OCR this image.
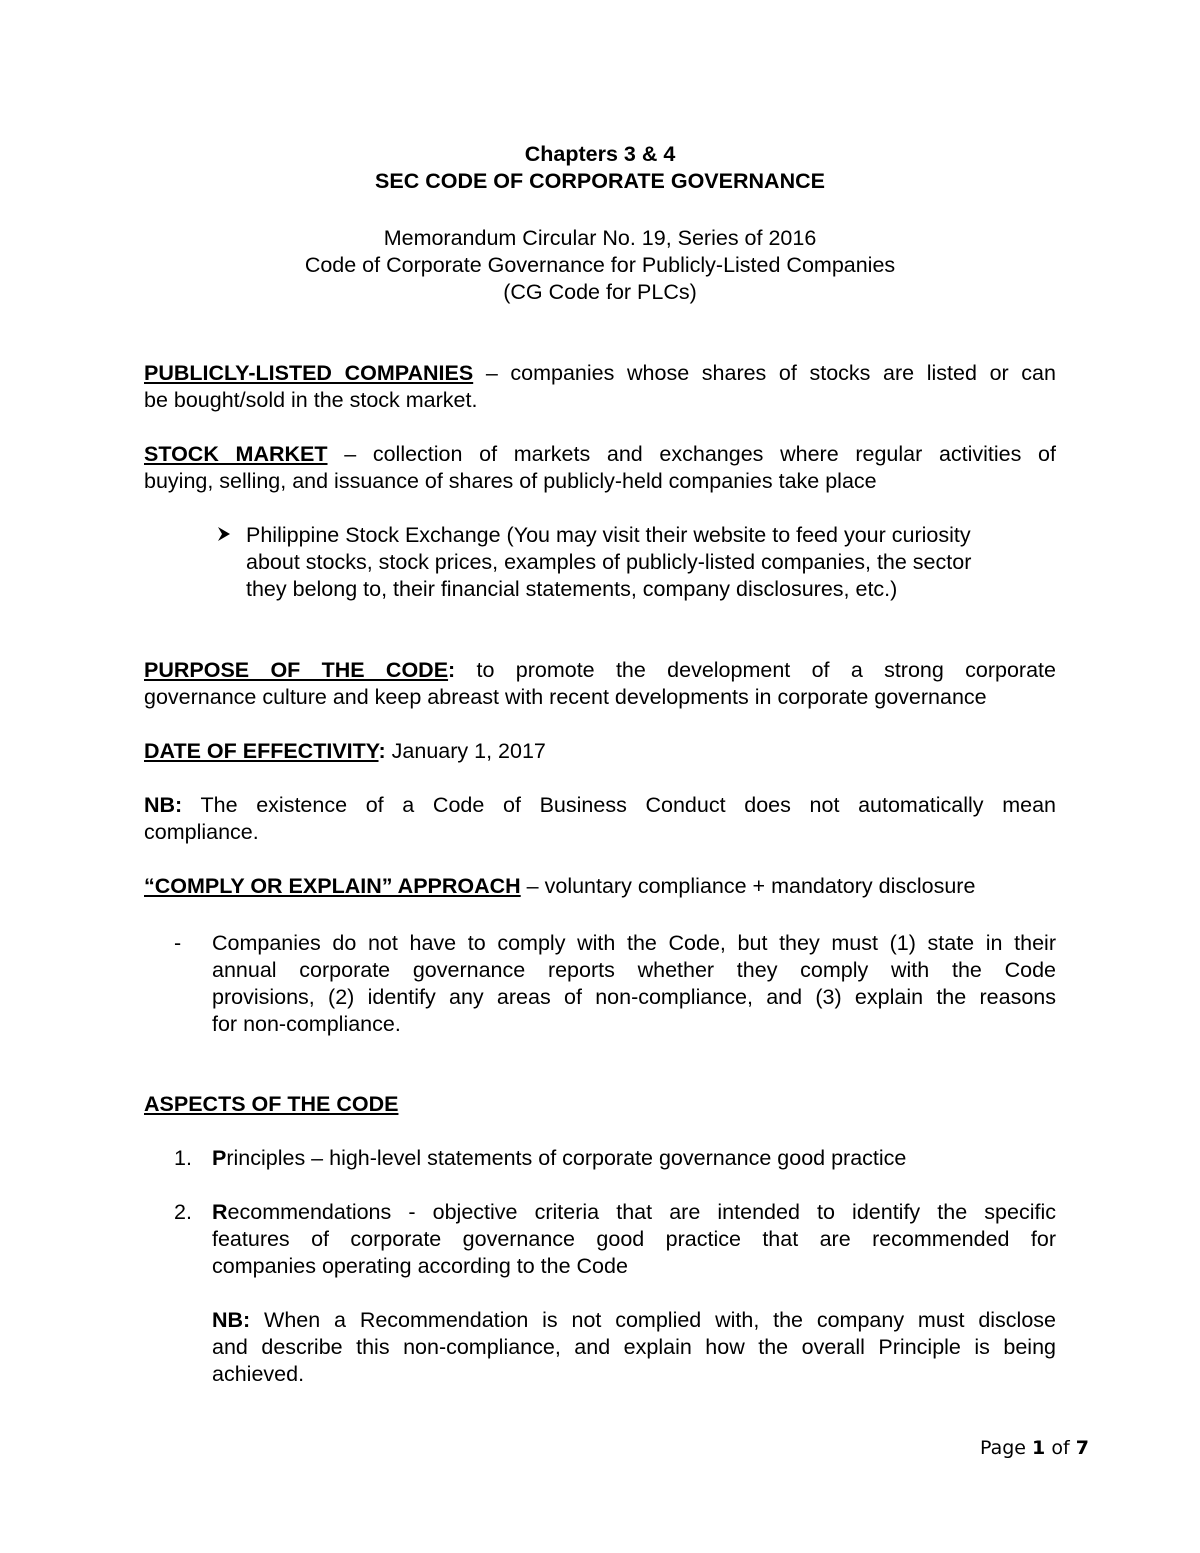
Chapters 3 & 4
SEC CODE OF CORPORATE GOVERNANCE
Memorandum Circular No. 19, Series of 2016
Code of Corporate Governance for Publicly-Listed Companies
(CG Code for PLCs)
PUBLICLY-LISTED COMPANIES – companies whose shares of stocks are listed or can
be bought/sold in the stock market.
STOCK MARKET – collection of markets and exchanges where regular activities of
buying, selling, and issuance of shares of publicly-held companies take place
Philippine Stock Exchange (You may visit their website to feed your curiosity
about stocks, stock prices, examples of publicly-listed companies, the sector
they belong to, their financial statements, company disclosures, etc.)
PURPOSE OF THE CODE: to promote the development of a strong corporate
governance culture and keep abreast with recent developments in corporate governance
DATE OF EFFECTIVITY: January 1, 2017
NB: The existence of a Code of Business Conduct does not automatically mean
compliance.
“COMPLY OR EXPLAIN” APPROACH – voluntary compliance + mandatory disclosure
- Companies do not have to comply with the Code, but they must (1) state in their
annual corporate governance reports whether they comply with the Code
provisions, (2) identify any areas of non-compliance, and (3) explain the reasons
for non-compliance.
ASPECTS OF THE CODE
1. Principles – high-level statements of corporate governance good practice
2. Recommendations - objective criteria that are intended to identify the specific
features of corporate governance good practice that are recommended for
companies operating according to the Code
NB: When a Recommendation is not complied with, the company must disclose
and describe this non-compliance, and explain how the overall Principle is being
achieved.
Page 1 of 7
